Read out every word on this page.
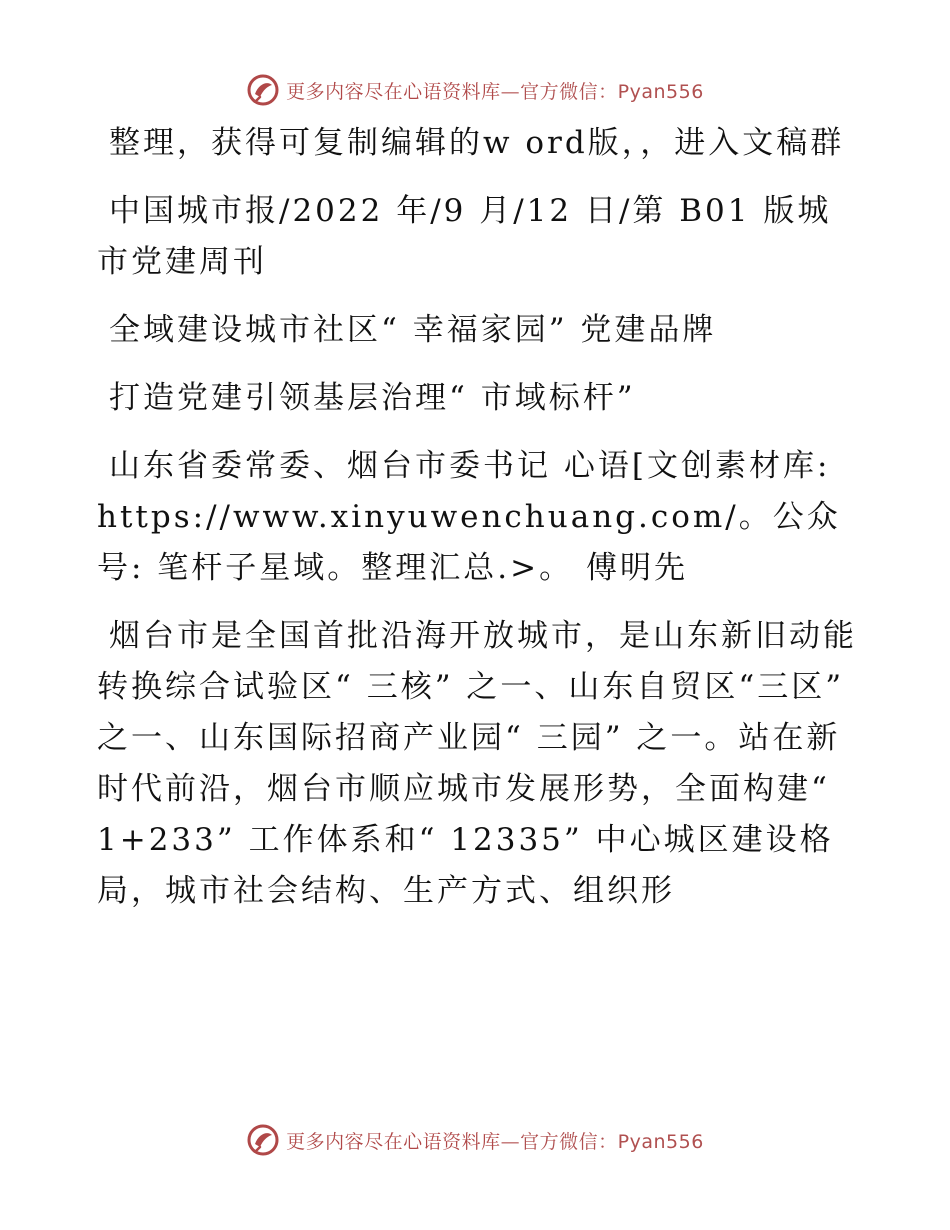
更多内容尽在心语资料库—官方微信：Pyan556

整理，获得可复制编辑的w ord版，，进入文稿群

中国城市报/2022 年/9 月/12 日/第 B01 版城市党建周刊

全域建设城市社区“ 幸福家园” 党建品牌

打造党建引领基层治理“ 市域标杆”

山东省委常委、烟台市委书记 心语[文创素材库: https://www.xinyuwenchuang.com/。公众号: 笔杆子星域。整理汇总.>。 傅明先

烟台市是全国首批沿海开放城市，是山东新旧动能转换综合试验区“ 三核” 之一、山东自贸区“三区” 之一、山东国际招商产业园“ 三园” 之一。站在新时代前沿，烟台市顺应城市发展形势，全面构建“ 1+233” 工作体系和“ 12335” 中心城区建设格局，城市社会结构、生产方式、组织形

更多内容尽在心语资料库—官方微信：Pyan556
